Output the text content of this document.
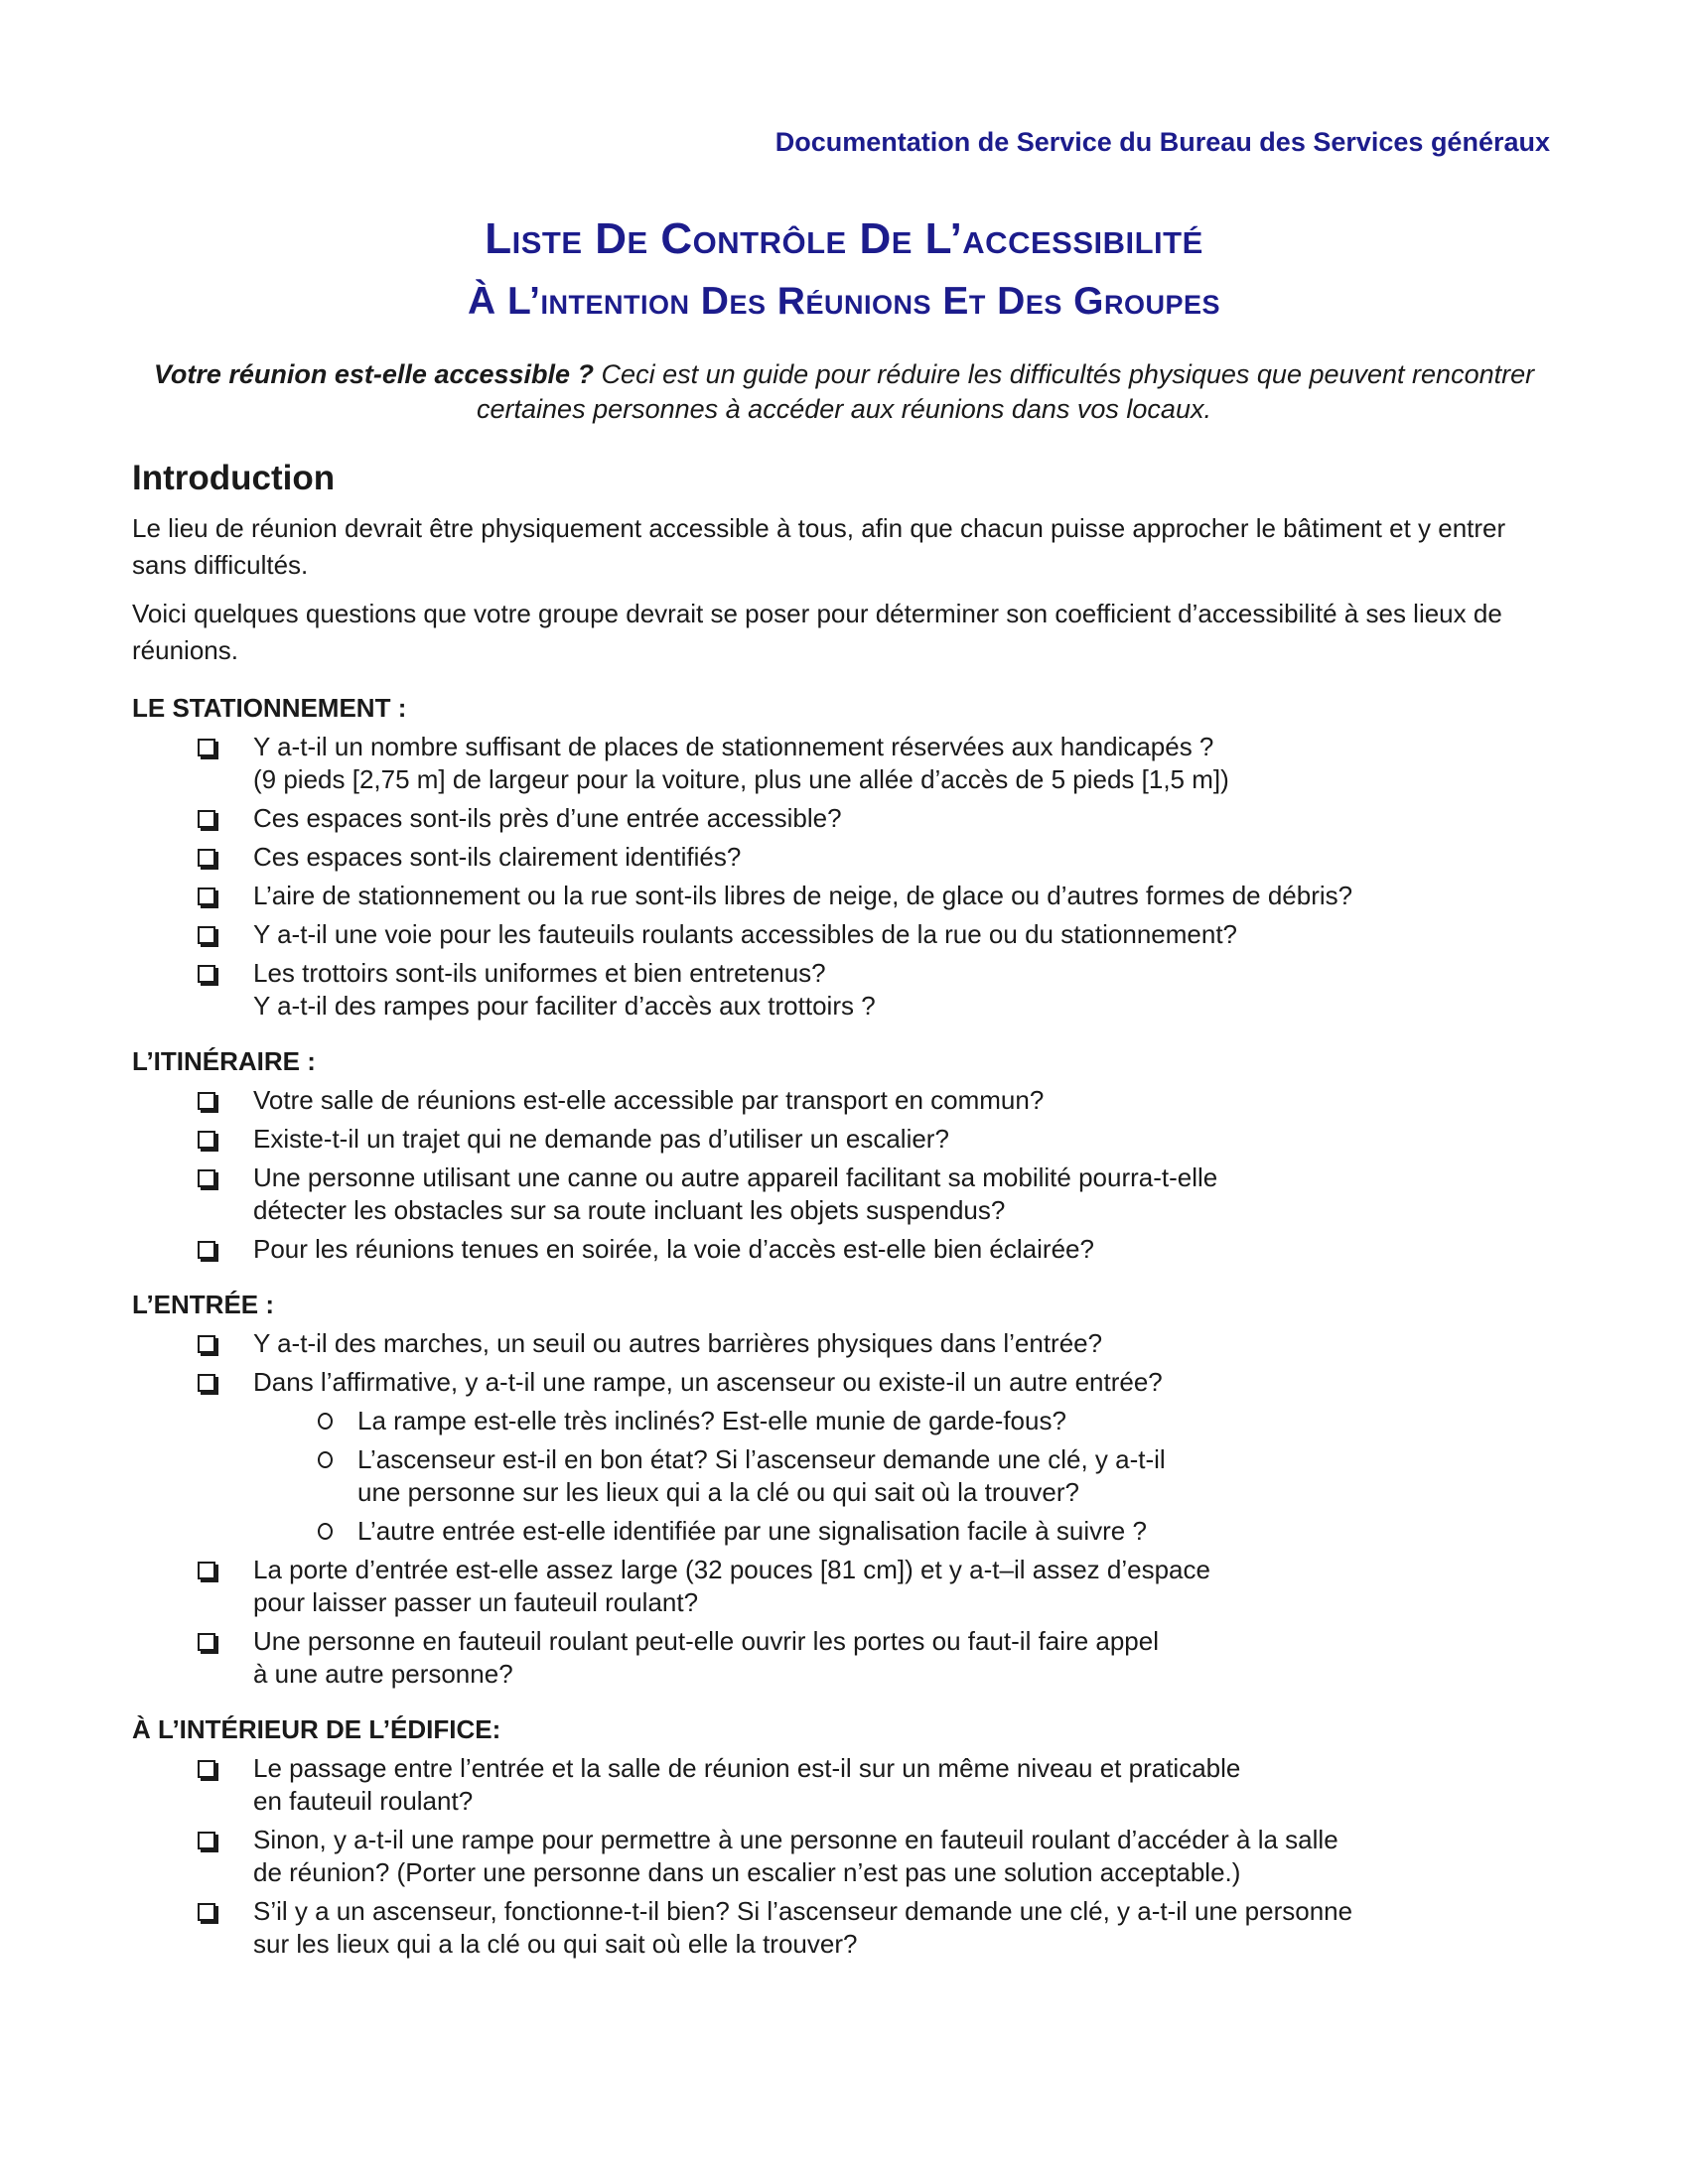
Documentation de Service du Bureau des Services généraux
Liste De Contrôle De L’accessibilité
À L’intention Des Réunions Et Des Groupes
Votre réunion est-elle accessible ? Ceci est un guide pour réduire les difficultés physiques que peuvent rencontrer certaines personnes à accéder aux réunions dans vos locaux.
Introduction

Le lieu de réunion devrait être physiquement accessible à tous, afin que chacun puisse approcher le bâtiment et y entrer sans difficultés.

Voici quelques questions que votre groupe devrait se poser pour déterminer son coefficient d’accessibilité à ses lieux de réunions.

LE STATIONNEMENT :
Y a-t-il un nombre suffisant de places de stationnement réservées aux handicapés ?
(9 pieds [2,75 m] de largeur pour la voiture, plus une allée d’accès de 5 pieds [1,5 m])
Ces espaces sont-ils près d’une entrée accessible?
Ces espaces sont-ils clairement identifiés?
L’aire de stationnement ou la rue sont-ils libres de neige, de glace ou d’autres formes de débris?
Y a-t-il une voie pour les fauteuils roulants accessibles de la rue ou du stationnement?
Les trottoirs sont-ils uniformes et bien entretenus?
Y a-t-il des rampes pour faciliter d’accès aux trottoirs ?
L’ITINÉRAIRE :
Votre salle de réunions est-elle accessible par transport en commun?
Existe-t-il un trajet qui ne demande pas d’utiliser un escalier?
Une personne utilisant une canne ou autre appareil facilitant sa mobilité pourra-t-elle
détecter les obstacles sur sa route incluant les objets suspendus?
Pour les réunions tenues en soirée, la voie d’accès est-elle bien éclairée?
L’ENTRÉE :
Y a-t-il des marches, un seuil ou autres barrières physiques dans l’entrée?
Dans l’affirmative, y a-t-il une rampe, un ascenseur ou existe-il un autre entrée?
La rampe est-elle très inclinés? Est-elle munie de garde-fous?
L’ascenseur est-il en bon état? Si l’ascenseur demande une clé, y a-t-il
une personne sur les lieux qui a la clé ou qui sait où la trouver?
L’autre entrée est-elle identifiée par une signalisation facile à suivre ?
La porte d’entrée est-elle assez large (32 pouces [81 cm]) et y a-t–il assez d’espace
pour laisser passer un fauteuil roulant?
Une personne en fauteuil roulant peut-elle ouvrir les portes ou faut-il faire appel
à une autre personne?
À L’INTÉRIEUR DE L’ÉDIFICE:
Le passage entre l’entrée et la salle de réunion est-il sur un même niveau et praticable
en fauteuil roulant?
Sinon, y a-t-il une rampe pour permettre à une personne en fauteuil roulant d’accéder à la salle
de réunion? (Porter une personne dans un escalier n’est pas une solution acceptable.)
S’il y a un ascenseur, fonctionne-t-il bien? Si l’ascenseur demande une clé, y a-t-il une personne
sur les lieux qui a la clé ou qui sait où elle la trouver?
